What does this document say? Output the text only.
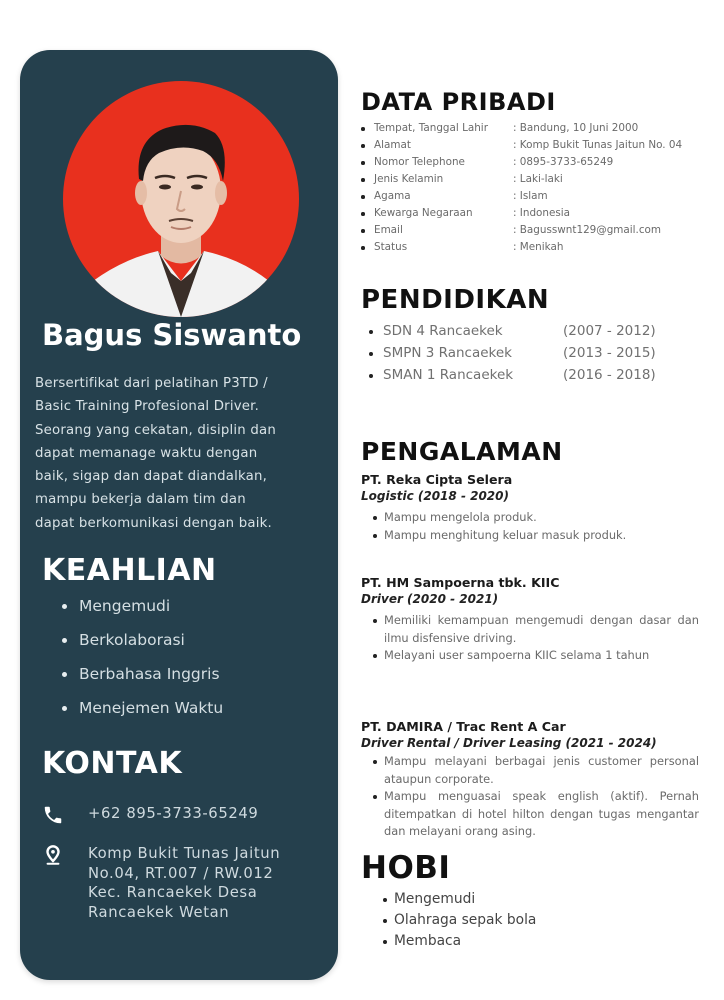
Bagus Siswanto
Bersertifikat dari pelatihan P3TD /
Basic Training Profesional Driver.
Seorang yang cekatan, disiplin dan
dapat memanage waktu dengan
baik, sigap dan dapat diandalkan,
mampu bekerja dalam tim dan
dapat berkomunikasi dengan baik.
KEAHLIAN
Mengemudi
Berkolaborasi
Berbahasa Inggris
Menejemen Waktu
KONTAK
+62 895-3733-65249
Komp Bukit Tunas Jaitun
No.04, RT.007 / RW.012
Kec. Rancaekek Desa
Rancaekek Wetan
DATA PRIBADI
Tempat, Tanggal Lahir	: Bandung, 10 Juni 2000
Alamat	: Komp Bukit Tunas Jaitun No. 04
Nomor Telephone	: 0895-3733-65249
Jenis Kelamin	: Laki-laki
Agama	: Islam
Kewarga Negaraan	: Indonesia
Email	: Bagusswnt129@gmail.com
Status	: Menikah
PENDIDIKAN
SDN 4 Rancaekek	(2007 - 2012)
SMPN 3 Rancaekek	(2013 - 2015)
SMAN 1 Rancaekek	(2016 - 2018)
PENGALAMAN
PT. Reka Cipta Selera
Logistic (2018 - 2020)
Mampu mengelola produk.
Mampu menghitung keluar masuk produk.
PT. HM Sampoerna tbk. KIIC
Driver (2020 - 2021)
Memiliki kemampuan mengemudi dengan dasar dan ilmu disfensive driving.
Melayani user sampoerna KIIC selama 1 tahun
PT. DAMIRA / Trac Rent A Car
Driver Rental / Driver Leasing (2021 - 2024)
Mampu melayani berbagai jenis customer personal ataupun corporate.
Mampu menguasai speak english (aktif). Pernah ditempatkan di hotel hilton dengan tugas mengantar dan melayani orang asing.
HOBI
Mengemudi
Olahraga sepak bola
Membaca
